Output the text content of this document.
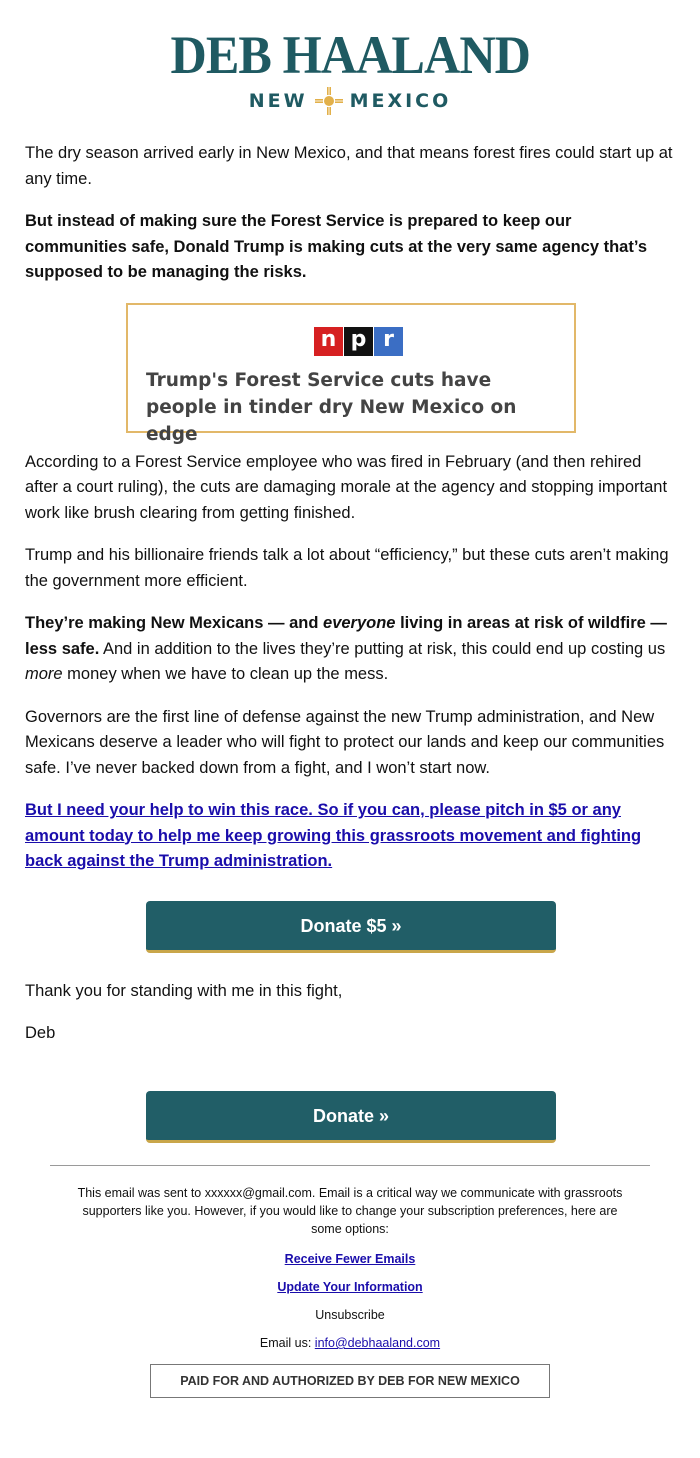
DEB HAALAND
NEW MEXICO

The dry season arrived early in New Mexico, and that means forest fires could start up at any time.

But instead of making sure the Forest Service is prepared to keep our communities safe, Donald Trump is making cuts at the very same agency that’s supposed to be managing the risks.

n p r
Trump's Forest Service cuts have people in tinder dry New Mexico on edge

According to a Forest Service employee who was fired in February (and then rehired after a court ruling), the cuts are damaging morale at the agency and stopping important work like brush clearing from getting finished.

Trump and his billionaire friends talk a lot about “efficiency,” but these cuts aren’t making the government more efficient.

They’re making New Mexicans — and everyone living in areas at risk of wildfire — less safe. And in addition to the lives they’re putting at risk, this could end up costing us more money when we have to clean up the mess.

Governors are the first line of defense against the new Trump administration, and New Mexicans deserve a leader who will fight to protect our lands and keep our communities safe. I’ve never backed down from a fight, and I won’t start now.

But I need your help to win this race. So if you can, please pitch in $5 or any amount today to help me keep growing this grassroots movement and fighting back against the Trump administration.

Donate $5 »

Thank you for standing with me in this fight,

Deb

Donate »
This email was sent to xxxxxx@gmail.com. Email is a critical way we communicate with grassroots supporters like you. However, if you would like to change your subscription preferences, here are some options:
Receive Fewer Emails
Update Your Information
Unsubscribe
Email us: info@debhaaland.com
PAID FOR AND AUTHORIZED BY DEB FOR NEW MEXICO
